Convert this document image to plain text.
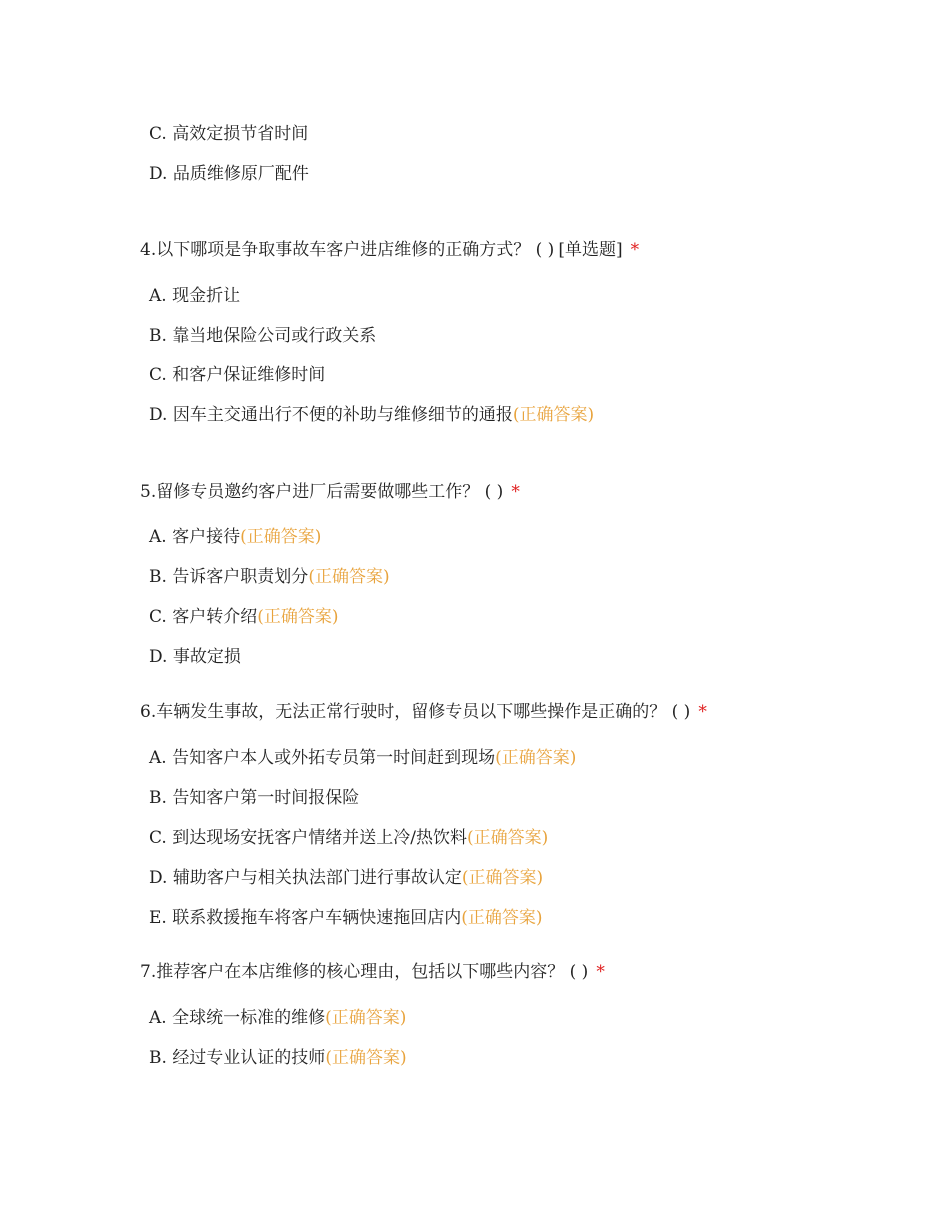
C. 高效定损节省时间
D. 品质维修原厂配件
4.以下哪项是争取事故车客户进店维修的正确方式？ ( ) [单选题] *
A. 现金折让
B. 靠当地保险公司或行政关系
C. 和客户保证维修时间
D. 因车主交通出行不便的补助与维修细节的通报(正确答案)
5.留修专员邀约客户进厂后需要做哪些工作？ ( ) *
A. 客户接待(正确答案)
B. 告诉客户职责划分(正确答案)
C. 客户转介绍(正确答案)
D. 事故定损
6.车辆发生事故，无法正常行驶时，留修专员以下哪些操作是正确的？ ( ) *
A. 告知客户本人或外拓专员第一时间赶到现场(正确答案)
B. 告知客户第一时间报保险
C. 到达现场安抚客户情绪并送上冷/热饮料(正确答案)
D. 辅助客户与相关执法部门进行事故认定(正确答案)
E. 联系救援拖车将客户车辆快速拖回店内(正确答案)
7.推荐客户在本店维修的核心理由，包括以下哪些内容？ ( ) *
A. 全球统一标准的维修(正确答案)
B. 经过专业认证的技师(正确答案)
